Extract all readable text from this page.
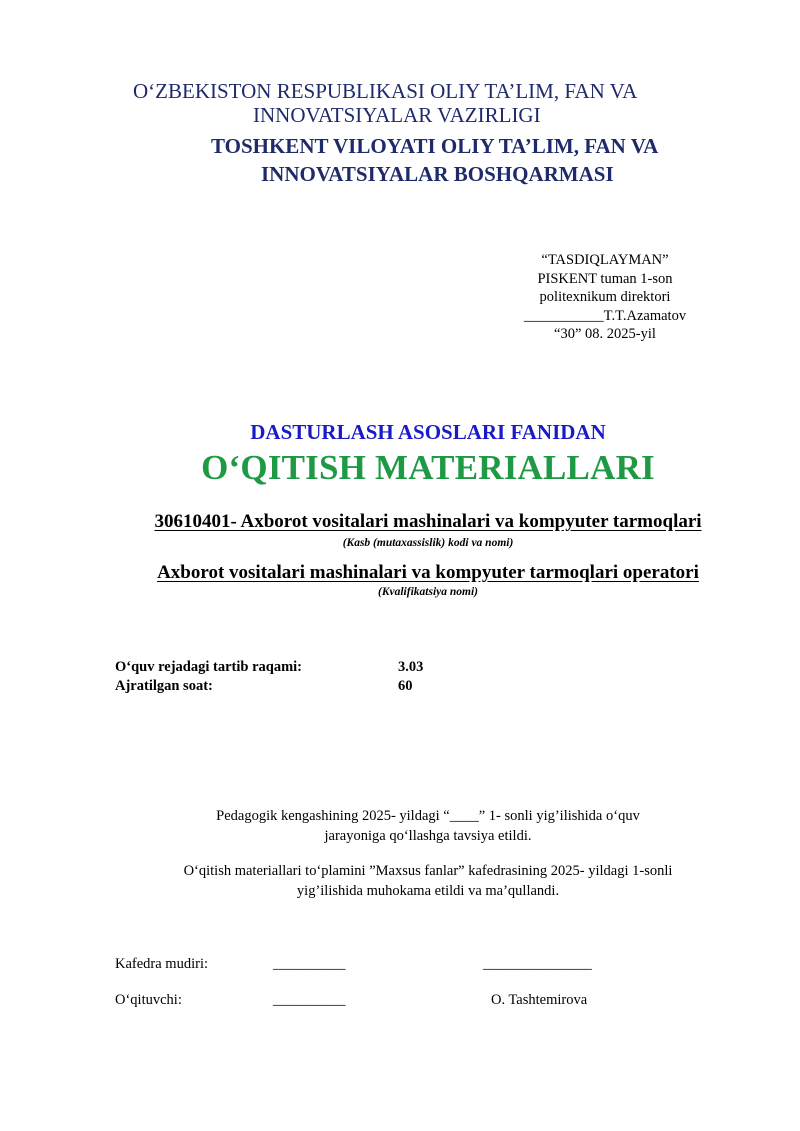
O‘ZBEKISTON RESPUBLIKASI OLIY TA’LIM, FAN VA
INNOVATSIYALAR VAZIRLIGI
TOSHKENT VILOYATI OLIY TA’LIM, FAN VA
INNOVATSIYALAR BOSHQARMASI
“TASDIQLAYMAN”
PISKENT tuman 1-son
politexnikum direktori
___________T.T.Azamatov
“30” 08. 2025-yil
DASTURLASH ASOSLARI FANIDAN
O‘QITISH MATERIALLARI
30610401- Axborot vositalari mashinalari va kompyuter tarmoqlari
(Kasb (mutaxassislik) kodi va nomi)
Axborot vositalari mashinalari va kompyuter tarmoqlari operatori
(Kvalifikatsiya nomi)
O‘quv rejadagi tartib raqami:	3.03
Ajratilgan soat:	60
Pedagogik kengashining 2025- yildagi “____” 1- sonli yig’ilishida o‘quv
jarayoniga qo‘llashga tavsiya etildi.
O‘qitish materiallari to‘plamini ”Maxsus fanlar” kafedrasining 2025- yildagi 1-sonli
yig’ilishida muhokama etildi va ma’qullandi.
Kafedra mudiri:	__________	_______________
O‘qituvchi:	__________	O. Tashtemirova
